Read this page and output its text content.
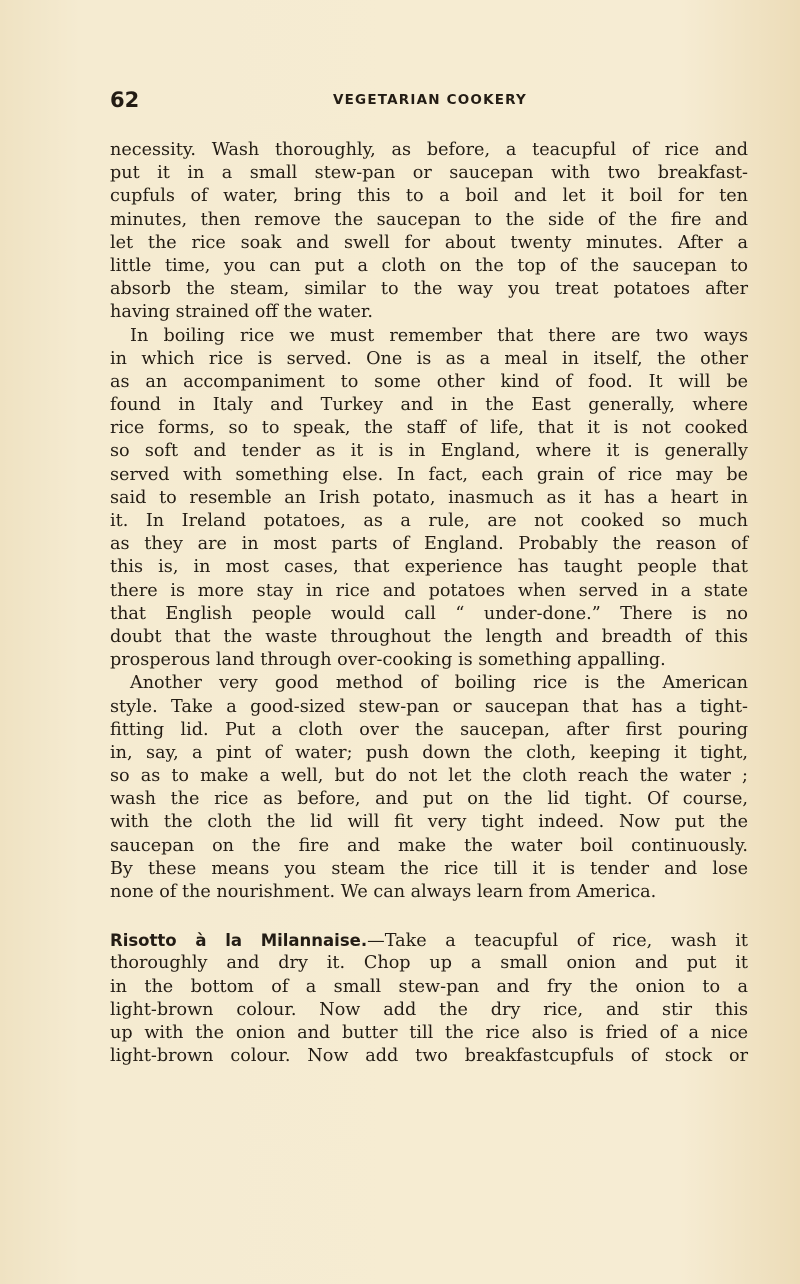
62	VEGETARIAN COOKERY
necessity. Wash thoroughly, as before, a teacupful of rice and
put it in a small stew-pan or saucepan with two breakfast-
cupfuls of water, bring this to a boil and let it boil for ten
minutes, then remove the saucepan to the side of the fire and
let the rice soak and swell for about twenty minutes. After a
little time, you can put a cloth on the top of the saucepan to
absorb the steam, similar to the way you treat potatoes after
having strained off the water.
In boiling rice we must remember that there are two ways
in which rice is served. One is as a meal in itself, the other
as an accompaniment to some other kind of food. It will be
found in Italy and Turkey and in the East generally, where
rice forms, so to speak, the staff of life, that it is not cooked
so soft and tender as it is in England, where it is generally
served with something else. In fact, each grain of rice may be
said to resemble an Irish potato, inasmuch as it has a heart in
it. In Ireland potatoes, as a rule, are not cooked so much
as they are in most parts of England. Probably the reason of
this is, in most cases, that experience has taught people that
there is more stay in rice and potatoes when served in a state
that English people would call “ under-done.” There is no
doubt that the waste throughout the length and breadth of this
prosperous land through over-cooking is something appalling.
Another very good method of boiling rice is the American
style. Take a good-sized stew-pan or saucepan that has a tight-
fitting lid. Put a cloth over the saucepan, after first pouring
in, say, a pint of water; push down the cloth, keeping it tight,
so as to make a well, but do not let the cloth reach the water ;
wash the rice as before, and put on the lid tight. Of course,
with the cloth the lid will fit very tight indeed. Now put the
saucepan on the fire and make the water boil continuously.
By these means you steam the rice till it is tender and lose
none of the nourishment. We can always learn from America.
Risotto à la Milannaise.—Take a teacupful of rice, wash it
thoroughly and dry it. Chop up a small onion and put it
in the bottom of a small stew-pan and fry the onion to a
light-brown colour. Now add the dry rice, and stir this
up with the onion and butter till the rice also is fried of a nice
light-brown colour. Now add two breakfastcupfuls of stock or
